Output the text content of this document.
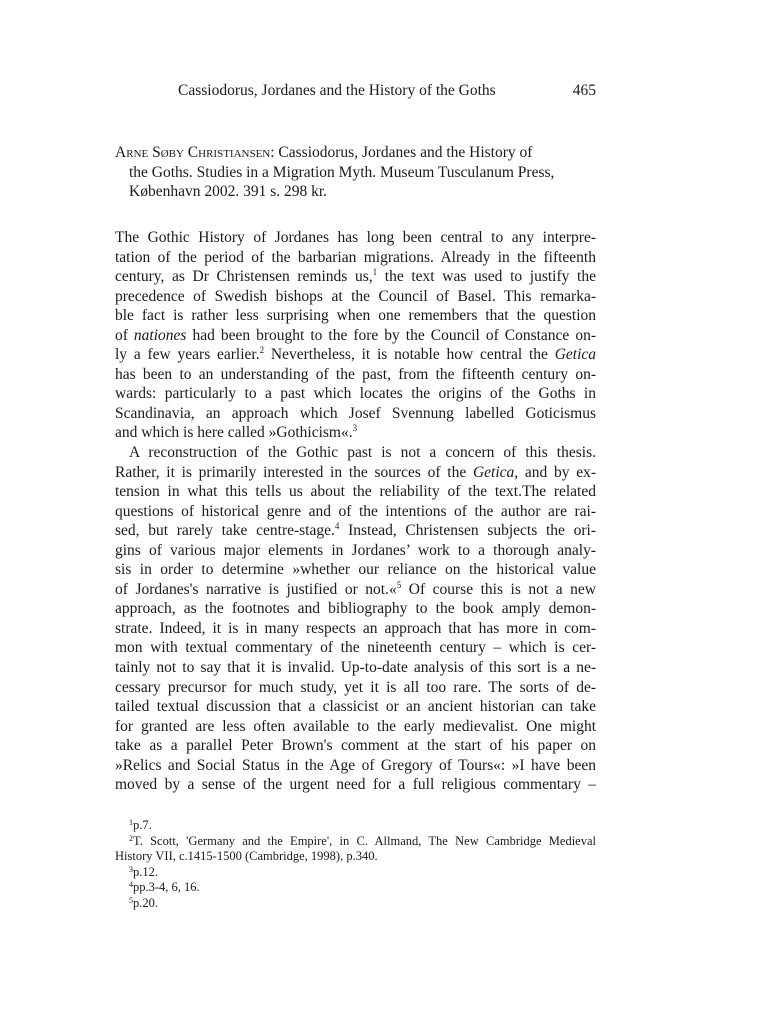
Cassiodorus, Jordanes and the History of the Goths	465
Arne Søby Christiansen: Cassiodorus, Jordanes and the History of
the Goths. Studies in a Migration Myth. Museum Tusculanum Press,
København 2002. 391 s. 298 kr.
The Gothic History of Jordanes has long been central to any interpre-
tation of the period of the barbarian migrations. Already in the fifteenth
century, as Dr Christensen reminds us,$^1$ the text was used to justify the
precedence of Swedish bishops at the Council of Basel. This remarka-
ble fact is rather less surprising when one remembers that the question
of nationes had been brought to the fore by the Council of Constance on-
ly a few years earlier.$^2$ Nevertheless, it is notable how central the Getica
has been to an understanding of the past, from the fifteenth century on-
wards: particularly to a past which locates the origins of the Goths in
Scandinavia, an approach which Josef Svennung labelled Goticismus
and which is here called »Gothicism«.$^3$
A reconstruction of the Gothic past is not a concern of this thesis.
Rather, it is primarily interested in the sources of the Getica, and by ex-
tension in what this tells us about the reliability of the text.The related
questions of historical genre and of the intentions of the author are rai-
sed, but rarely take centre-stage.$^4$ Instead, Christensen subjects the ori-
gins of various major elements in Jordanes’ work to a thorough analy-
sis in order to determine »whether our reliance on the historical value
of Jordanes's narrative is justified or not.«$^5$ Of course this is not a new
approach, as the footnotes and bibliography to the book amply demon-
strate. Indeed, it is in many respects an approach that has more in com-
mon with textual commentary of the nineteenth century – which is cer-
tainly not to say that it is invalid. Up-to-date analysis of this sort is a ne-
cessary precursor for much study, yet it is all too rare. The sorts of de-
tailed textual discussion that a classicist or an ancient historian can take
for granted are less often available to the early medievalist. One might
take as a parallel Peter Brown's comment at the start of his paper on
»Relics and Social Status in the Age of Gregory of Tours«: »I have been
moved by a sense of the urgent need for a full religious commentary –
$^1$p.7.
$^2$T. Scott, 'Germany and the Empire', in C. Allmand, The New Cambridge Medieval
History VII, c.1415-1500 (Cambridge, 1998), p.340.
$^3$p.12.
$^4$pp.3-4, 6, 16.
$^5$p.20.
